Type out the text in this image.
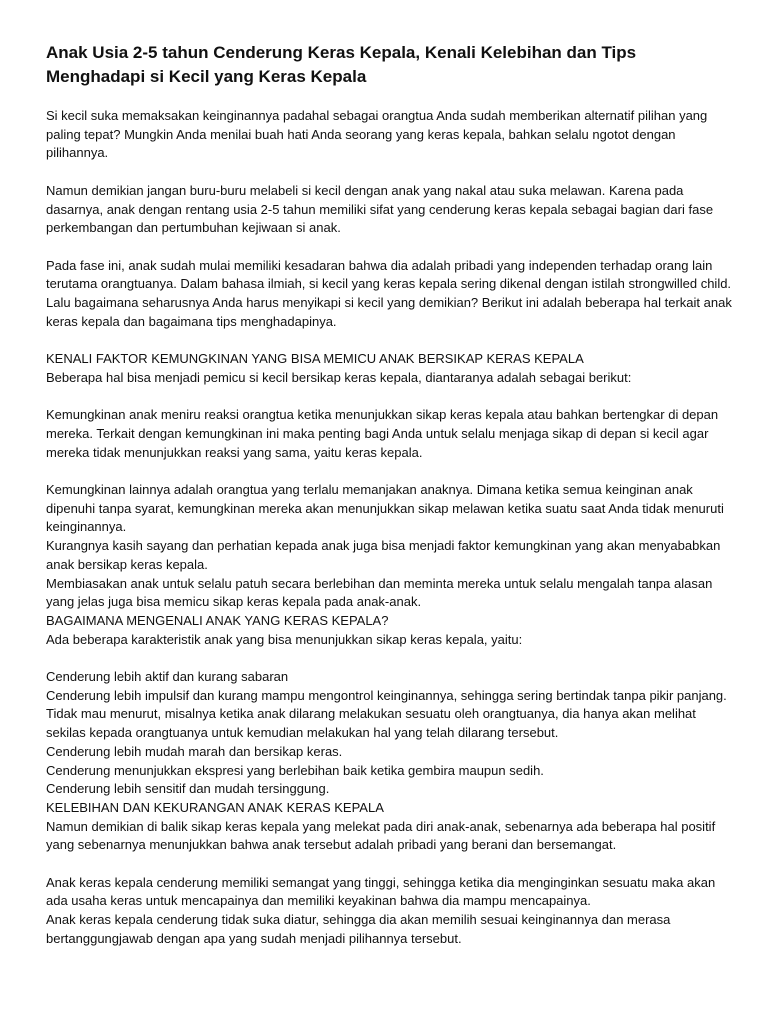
Anak Usia 2-5 tahun Cenderung Keras Kepala, Kenali Kelebihan dan Tips Menghadapi si Kecil yang Keras Kepala
Si kecil suka memaksakan keinginannya padahal sebagai orangtua Anda sudah memberikan alternatif pilihan yang paling tepat? Mungkin Anda menilai buah hati Anda seorang yang keras kepala, bahkan selalu ngotot dengan pilihannya.
Namun demikian jangan buru-buru melabeli si kecil dengan anak yang nakal atau suka melawan. Karena pada dasarnya, anak dengan rentang usia 2-5 tahun memiliki sifat yang cenderung keras kepala sebagai bagian dari fase perkembangan dan pertumbuhan kejiwaan si anak.
Pada fase ini, anak sudah mulai memiliki kesadaran bahwa dia adalah pribadi yang independen terhadap orang lain terutama orangtuanya. Dalam bahasa ilmiah, si kecil yang keras kepala sering dikenal dengan istilah strongwilled child. Lalu bagaimana seharusnya Anda harus menyikapi si kecil yang demikian? Berikut ini adalah beberapa hal terkait anak keras kepala dan bagaimana tips menghadapinya.
KENALI FAKTOR KEMUNGKINAN YANG BISA MEMICU ANAK BERSIKAP KERAS KEPALA
Beberapa hal bisa menjadi pemicu si kecil bersikap keras kepala, diantaranya adalah sebagai berikut:
Kemungkinan anak meniru reaksi orangtua ketika menunjukkan sikap keras kepala atau bahkan bertengkar di depan mereka. Terkait dengan kemungkinan ini maka penting bagi Anda untuk selalu menjaga sikap di depan si kecil agar mereka tidak menunjukkan reaksi yang sama, yaitu keras kepala.
Kemungkinan lainnya adalah orangtua yang terlalu memanjakan anaknya. Dimana ketika semua keinginan anak dipenuhi tanpa syarat, kemungkinan mereka akan menunjukkan sikap melawan ketika suatu saat Anda tidak menuruti keinginannya.
Kurangnya kasih sayang dan perhatian kepada anak juga bisa menjadi faktor kemungkinan yang akan menyababkan anak bersikap keras kepala.
Membiasakan anak untuk selalu patuh secara berlebihan dan meminta mereka untuk selalu mengalah tanpa alasan yang jelas juga bisa memicu sikap keras kepala pada anak-anak.
BAGAIMANA MENGENALI ANAK YANG KERAS KEPALA?
Ada beberapa karakteristik anak yang bisa menunjukkan sikap keras kepala, yaitu:
Cenderung lebih aktif dan kurang sabaran
Cenderung lebih impulsif dan kurang mampu mengontrol keinginannya, sehingga sering bertindak tanpa pikir panjang.
Tidak mau menurut, misalnya ketika anak dilarang melakukan sesuatu oleh orangtuanya, dia hanya akan melihat sekilas kepada orangtuanya untuk kemudian melakukan hal yang telah dilarang tersebut.
Cenderung lebih mudah marah dan bersikap keras.
Cenderung menunjukkan ekspresi yang berlebihan baik ketika gembira maupun sedih.
Cenderung lebih sensitif dan mudah tersinggung.
KELEBIHAN DAN KEKURANGAN ANAK KERAS KEPALA
Namun demikian di balik sikap keras kepala yang melekat pada diri anak-anak, sebenarnya ada beberapa hal positif yang sebenarnya menunjukkan bahwa anak tersebut adalah pribadi yang berani dan bersemangat.
Anak keras kepala cenderung memiliki semangat yang tinggi, sehingga ketika dia menginginkan sesuatu maka akan ada usaha keras untuk mencapainya dan memiliki keyakinan bahwa dia mampu mencapainya.
Anak keras kepala cenderung tidak suka diatur, sehingga dia akan memilih sesuai keinginannya dan merasa bertanggungjawab dengan apa yang sudah menjadi pilihannya tersebut.
